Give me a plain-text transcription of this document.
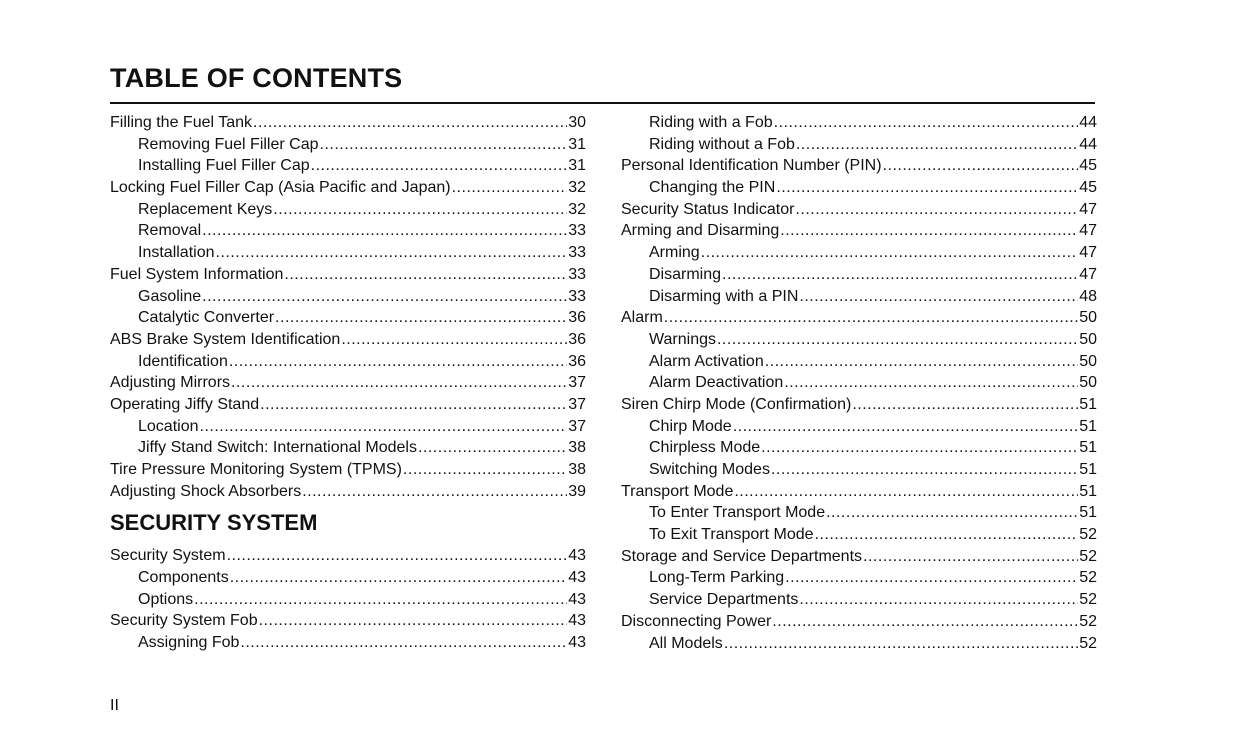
TABLE OF CONTENTS
Filling the Fuel Tank .....	30
Removing Fuel Filler Cap .....	31
Installing Fuel Filler Cap .....	31
Locking Fuel Filler Cap (Asia Pacific and Japan) .....	32
Replacement Keys .....	32
Removal .....	33
Installation .....	33
Fuel System Information .....	33
Gasoline .....	33
Catalytic Converter .....	36
ABS Brake System Identification .....	36
Identification .....	36
Adjusting Mirrors .....	37
Operating Jiffy Stand .....	37
Location .....	37
Jiffy Stand Switch: International Models .....	38
Tire Pressure Monitoring System (TPMS) .....	38
Adjusting Shock Absorbers .....	39
SECURITY SYSTEM
Security System .....	43
Components .....	43
Options .....	43
Security System Fob .....	43
Assigning Fob .....	43
Riding with a Fob .....	44
Riding without a Fob .....	44
Personal Identification Number (PIN) .....	45
Changing the PIN .....	45
Security Status Indicator .....	47
Arming and Disarming .....	47
Arming .....	47
Disarming .....	47
Disarming with a PIN .....	48
Alarm .....	50
Warnings .....	50
Alarm Activation .....	50
Alarm Deactivation .....	50
Siren Chirp Mode (Confirmation) .....	51
Chirp Mode .....	51
Chirpless Mode .....	51
Switching Modes .....	51
Transport Mode .....	51
To Enter Transport Mode .....	51
To Exit Transport Mode .....	52
Storage and Service Departments .....	52
Long-Term Parking .....	52
Service Departments .....	52
Disconnecting Power .....	52
All Models .....	52
II
